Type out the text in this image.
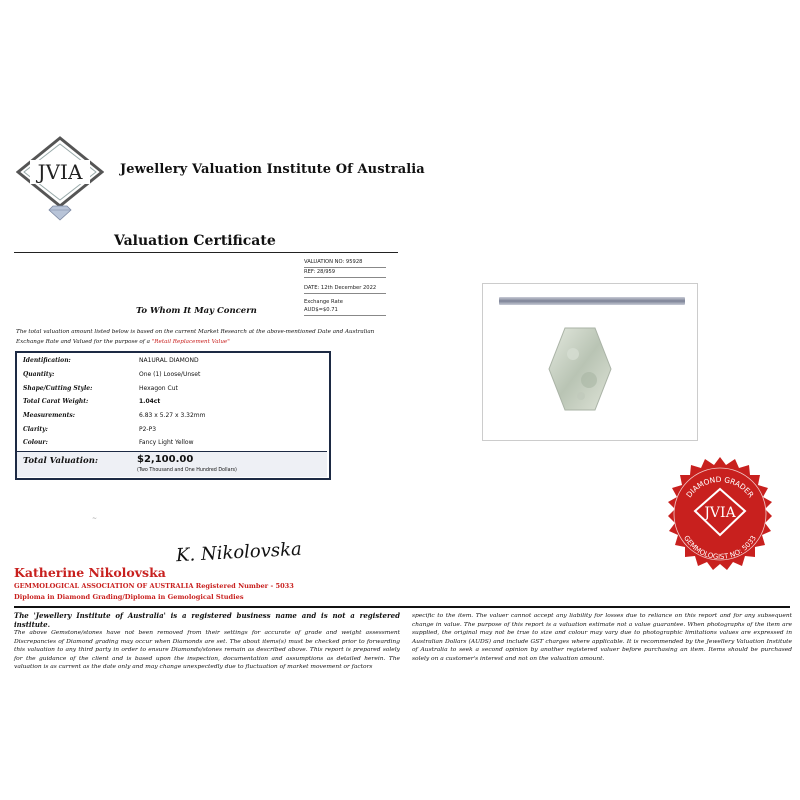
JVIA	Jewellery Valuation Institute Of Australia
Valuation Certificate
VALUATION NO: 95928
REF: 28/959
DATE: 12th December 2022
Exchange Rate
AUD$=$0.71
To Whom It May Concern
The total valuation amount listed below is based on the current Market Research at the above-mentioned Date and Australian Exchange Rate and Valued for the purpose of a "Retail Replacement Value"
Identification:	NA1URAL DIAMOND
Quantity:	One (1) Loose/Unset
Shape/Cutting Style:	Hexagon Cut
Total Carat Weight:	1.04ct
Measurements:	6.83 x 5.27 x 3.32mm
Clarity:	P2-P3
Colour:	Fancy Light Yellow
Total Valuation:	$2,100.00
(Two Thousand and One Hundred Dollars)
DIAMOND GRADER
GEMMOLOGIST NO: 5033
JVIA
~
K. Nikolovska
Katherine Nikolovska
GEMMOLOGICAL ASSOCIATION OF AUSTRALIA Registered Number - 5033
Diploma in Diamond Grading/Diploma in Gemological Studies
The 'Jewellery Institute of Australia' is a registered business name and is not a registered institute.
The above Gemstone/stones have not been removed from their settings for accurate of grade and weight assessment Discrepancies of Diamond grading may occur when Diamonds are set. The about items(s) must be checked prior to forwarding this valuation to any third party in order to ensure Diamonds/stones remain as described above. This report is prepared solely for the guidance of the client and is based upon the inspection, documentation and assumptions as detailed herein. The valuation is as current as the date only and may change unexpectedly due to fluctuation of market movement or factors
specific to the item. The valuer cannot accept any liability for losses due to reliance on this report and for any subsequent change in value. The purpose of this report is a valuation estimate not a value guarantee. When photographs of the item are supplied, the original may not be true to size and colour may vary due to photographic limitations values are expressed in Australian Dollars (AUDS) and include GST charges where applicable. It is recommended by the Jewellery Valuation Institute of Australia to seek a second opinion by another registered valuer before purchasing an item. Items should be purchased solely on a customer's interest and not on the valuation amount.
